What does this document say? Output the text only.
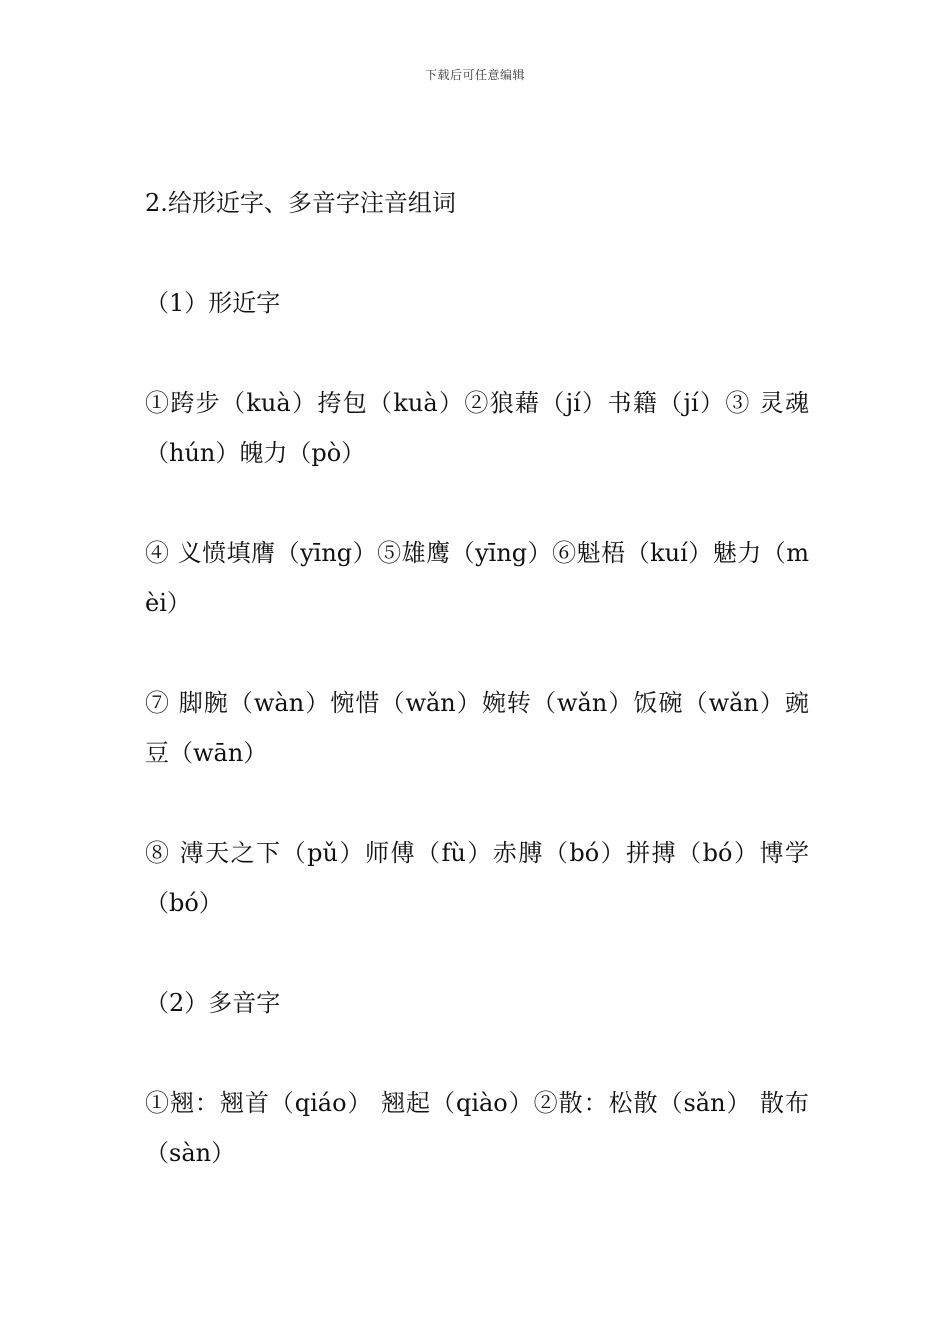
下载后可任意编辑
2.给形近字、多音字注音组词
（1）形近字
①跨步（kuà）挎包（kuà）②狼藉（jí）书籍（jí）③ 灵魂（hún）魄力（pò）
④ 义愤填膺（yīng）⑤雄鹰（yīng）⑥魁梧（kuí）魅力（mèi）
⑦ 脚腕（wàn）惋惜（wǎn）婉转（wǎn）饭碗（wǎn）豌豆（wān）
⑧ 溥天之下（pǔ）师傅（fù）赤膊（bó）拼搏（bó）博学（bó）
（2）多音字
①翘：翘首（qiáo） 翘起（qiào）②散：松散（sǎn） 散布（sàn）
